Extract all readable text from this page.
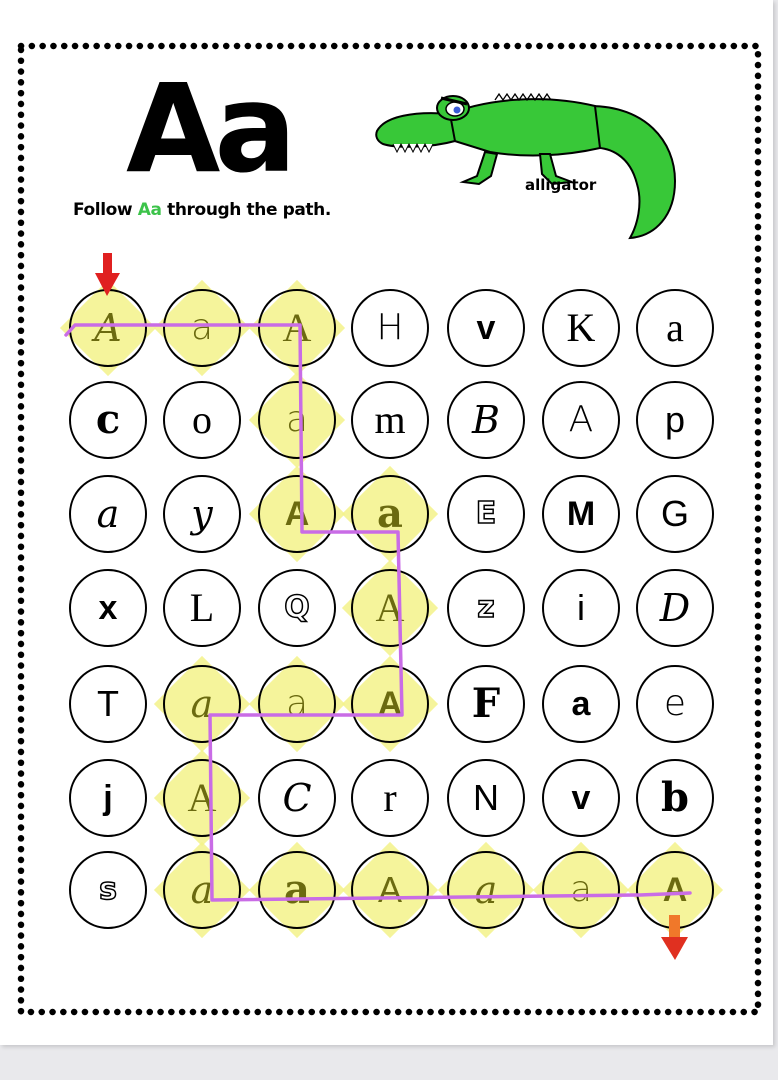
Aa
Follow Aa through the path.
alligator
A a A H v K a
c o a m B A p
a y A a E M G
x L Q A z i D
T a a A F a e
j A C r N v b
s a a A a a A
